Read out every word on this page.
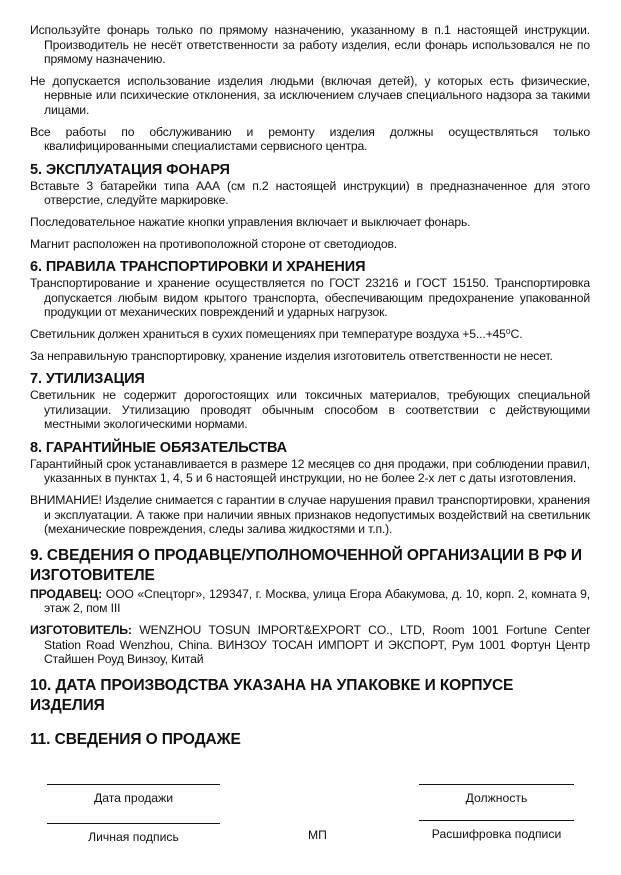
Используйте фонарь только по прямому назначению, указанному в п.1 настоящей инструкции. Производитель не несёт ответственности за работу изделия, если фонарь использовался не по прямому назначению.

Не допускается использование изделия людьми (включая детей), у которых есть физические, нервные или психические отклонения, за исключением случаев специального надзора за такими лицами.

Все работы по обслуживанию и ремонту изделия должны осуществляться только квалифицированными специалистами сервисного центра.

5. ЭКСПЛУАТАЦИЯ ФОНАРЯ

Вставьте 3 батарейки типа ААА (см п.2 настоящей инструкции) в предназначенное для этого отверстие, следуйте маркировке.

Последовательное нажатие кнопки управления включает и выключает фонарь.

Магнит расположен на противоположной стороне от светодиодов.

6. ПРАВИЛА ТРАНСПОРТИРОВКИ И ХРАНЕНИЯ

Транспортирование и хранение осуществляется по ГОСТ 23216 и ГОСТ 15150. Транспортировка допускается любым видом крытого транспорта, обеспечивающим предохранение упакованной продукции от механических повреждений и ударных нагрузок.

Светильник должен храниться в сухих помещениях при температуре воздуха +5...+45⁰С.

За неправильную транспортировку, хранение изделия изготовитель ответственности не несет.

7. УТИЛИЗАЦИЯ

Светильник не содержит дорогостоящих или токсичных материалов, требующих специальной утилизации. Утилизацию проводят обычным способом в соответствии с действующими местными экологическими нормами.

8. ГАРАНТИЙНЫЕ ОБЯЗАТЕЛЬСТВА

Гарантийный срок устанавливается в размере 12 месяцев со дня продажи, при соблюдении правил, указанных в пунктах 1, 4, 5 и 6 настоящей инструкции, но не более 2-х лет с даты изготовления.

ВНИМАНИЕ! Изделие снимается с гарантии в случае нарушения правил транспортировки, хранения и эксплуатации. А также при наличии явных признаков недопустимых воздействий на светильник (механические повреждения, следы залива жидкостями и т.п.).

9. СВЕДЕНИЯ О ПРОДАВЦЕ/УПОЛНОМОЧЕННОЙ ОРГАНИЗАЦИИ В РФ И ИЗГОТОВИТЕЛЕ

ПРОДАВЕЦ: ООО «Спецторг», 129347, г. Москва, улица Егора Абакумова, д. 10, корп. 2, комната 9, этаж 2, пом III

ИЗГОТОВИТЕЛЬ: WENZHOU TOSUN IMPORT&EXPORT CO., LTD, Room 1001 Fortune Center Station Road Wenzhou, China. ВИНЗОУ ТОСАН ИМПОРТ И ЭКСПОРТ, Рум 1001 Фортун Центр Стайшен Роуд Винзоу, Китай

10. ДАТА ПРОИЗВОДСТВА УКАЗАНА НА УПАКОВКЕ И КОРПУСЕ ИЗДЕЛИЯ
11. СВЕДЕНИЯ О ПРОДАЖЕ
Дата продажи	Должность
Личная подпись	МП	Расшифровка подписи
